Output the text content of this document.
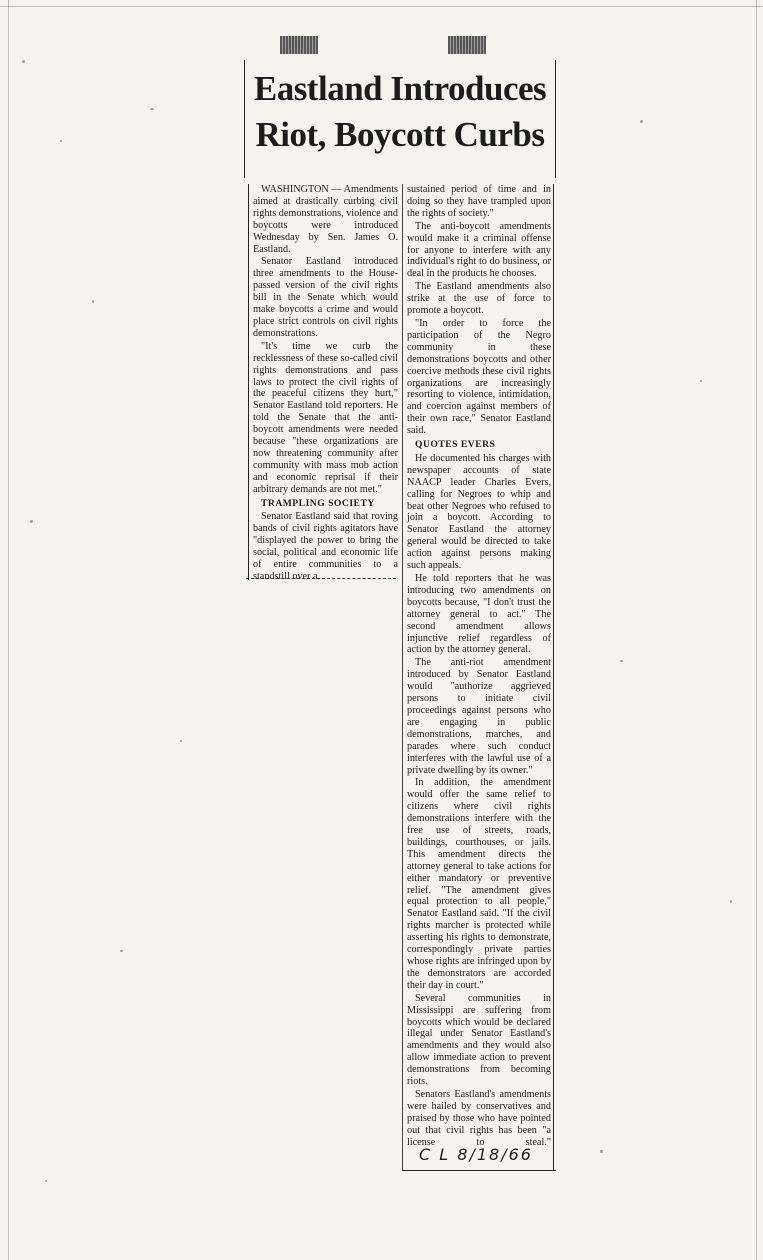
Eastland Introduces
Riot, Boycott Curbs

WASHINGTON — Amendments aimed at drastically curbing civil rights demonstrations, violence and boycotts were introduced Wednesday by Sen. James O. Eastland.

Senator Eastland introduced three amendments to the House-passed version of the civil rights bill in the Senate which would make boycotts a crime and would place strict controls on civil rights demonstrations.

"It's time we curb the recklessness of these so-called civil rights demonstrations and pass laws to protect the civil rights of the peaceful citizens they hurt," Senator Eastland told reporters. He told the Senate that the anti-boycott amendments were needed because "these organizations are now threatening community after community with mass mob action and economic reprisal if their arbitrary demands are not met."

TRAMPLING SOCIETY

Senator Eastland said that roving bands of civil rights agitators have "displayed the power to bring the social, political and economic life of entire communities to a standstill over a

sustained period of time and in doing so they have trampled upon the rights of society."

The anti-boycott amendments would make it a criminal offense for anyone to interfere with any individual's right to do business, or deal in the products he chooses.

The Eastland amendments also strike at the use of force to promote a boycott.

"In order to force the participation of the Negro community in these demonstrations boycotts and other coercive methods these civil rights organizations are increasingly resorting to violence, intimidation, and coercion against members of their own race," Senator Eastland said.

QUOTES EVERS

He documented his charges with newspaper accounts of state NAACP leader Charles Evers, calling for Negroes to whip and beat other Negroes who refused to join a boycott. According to Senator Eastland the attorney general would be directed to take action against persons making such appeals.

He told reporters that he was introducing two amendments on boycotts because, "I don't trust the attorney general to act." The second amendment allows injunctive relief regardless of action by the attorney general.

The anti-riot amendment introduced by Senator Eastland would "authorize aggrieved persons to initiate civil proceedings against persons who are engaging in public demonstrations, marches, and parades where such conduct interferes with the lawful use of a private dwelling by its owner."

In addition, the amendment would offer the same relief to citizens where civil rights demonstrations interfere with the free use of streets, roads, buildings, courthouses, or jails. This amendment directs the attorney general to take actions for either mandatory or preventive relief. "The amendment gives equal protection to all people," Senator Eastland said. "If the civil rights marcher is protected while asserting his rights to demonstrate, correspondingly private parties whose rights are infringed upon by the demonstrators are accorded their day in court."

Several communities in Mississippi are suffering from boycotts which would be declared illegal under Senator Eastland's amendments and they would also allow immediate action to prevent demonstrations from becoming riots.

Senators Eastland's amendments were hailed by conservatives and praised by those who have pointed out that civil rights has been "a license to steal."C L 8/18/66
